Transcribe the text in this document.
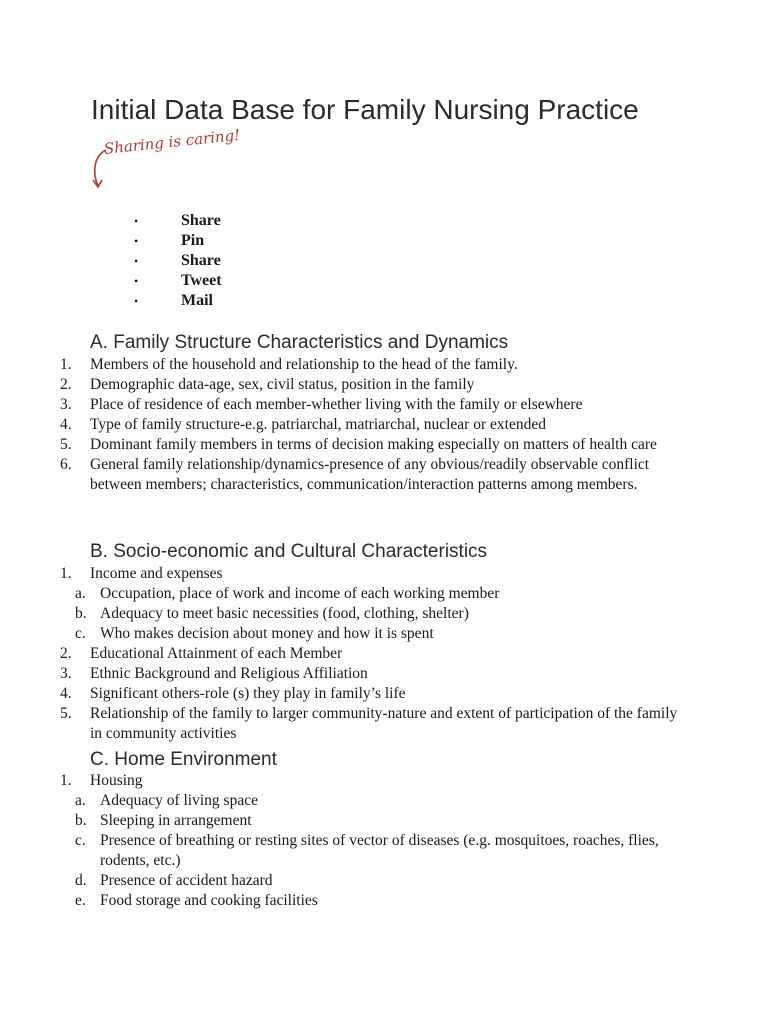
Initial Data Base for Family Nursing Practice
Sharing is caring!
•	Share
•	Pin
•	Share
•	Tweet
•	Mail
A. Family Structure Characteristics and Dynamics
1. Members of the household and relationship to the head of the family.
2. Demographic data-age, sex, civil status, position in the family
3. Place of residence of each member-whether living with the family or elsewhere
4. Type of family structure-e.g. patriarchal, matriarchal, nuclear or extended
5. Dominant family members in terms of decision making especially on matters of health care
6. General family relationship/dynamics-presence of any obvious/readily observable conflict between members; characteristics, communication/interaction patterns among members.
B. Socio-economic and Cultural Characteristics
1. Income and expenses
a. Occupation, place of work and income of each working member
b. Adequacy to meet basic necessities (food, clothing, shelter)
c. Who makes decision about money and how it is spent
2. Educational Attainment of each Member
3. Ethnic Background and Religious Affiliation
4. Significant others-role (s) they play in family’s life
5. Relationship of the family to larger community-nature and extent of participation of the family in community activities
C. Home Environment
1. Housing
a. Adequacy of living space
b. Sleeping in arrangement
c. Presence of breathing or resting sites of vector of diseases (e.g. mosquitoes, roaches, flies, rodents, etc.)
d. Presence of accident hazard
e. Food storage and cooking facilities
